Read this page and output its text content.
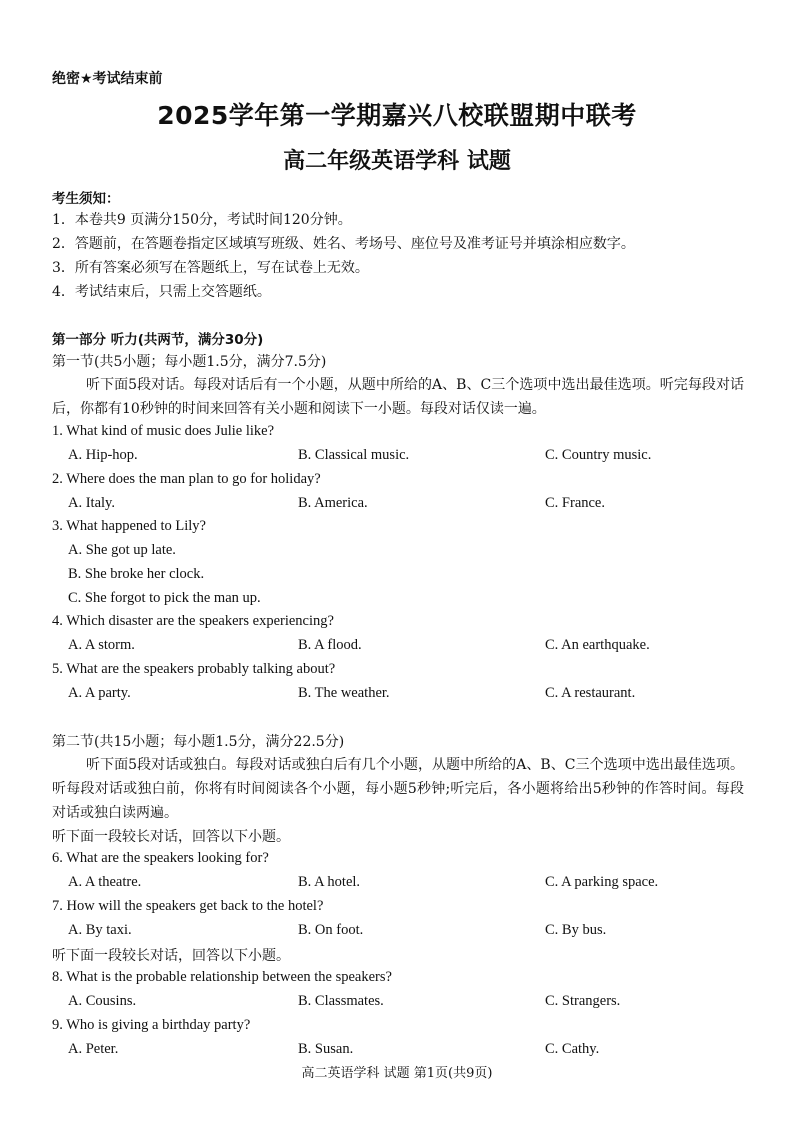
绝密★考试结束前
2025学年第一学期嘉兴八校联盟期中联考
高二年级英语学科 试题
考生须知：
1．本卷共9 页满分150分，考试时间120分钟。
2．答题前，在答题卷指定区域填写班级、姓名、考场号、座位号及准考证号并填涂相应数字。
3．所有答案必须写在答题纸上，写在试卷上无效。
4．考试结束后，只需上交答题纸。
第一部分 听力(共两节，满分30分)
第一节(共5小题；每小题1.5分，满分7.5分)
听下面5段对话。每段对话后有一个小题，从题中所给的A、B、C三个选项中选出最佳选项。听完每段对话后，你都有10秒钟的时间来回答有关小题和阅读下一小题。每段对话仅读一遍。
1. What kind of music does Julie like?
A. Hip-hop.	B. Classical music.	C. Country music.
2. Where does the man plan to go for holiday?
A. Italy.	B. America.	C. France.
3. What happened to Lily?
A. She got up late.
B. She broke her clock.
C. She forgot to pick the man up.
4. Which disaster are the speakers experiencing?
A. A storm.	B. A flood.	C. An earthquake.
5. What are the speakers probably talking about?
A. A party.	B. The weather.	C. A restaurant.
第二节(共15小题；每小题1.5分，满分22.5分)
听下面5段对话或独白。每段对话或独白后有几个小题，从题中所给的A、B、C三个选项中选出最佳选项。听每段对话或独白前，你将有时间阅读各个小题，每小题5秒钟;听完后，各小题将给出5秒钟的作答时间。每段对话或独白读两遍。
听下面一段较长对话，回答以下小题。
6. What are the speakers looking for?
A. A theatre.	B. A hotel.	C. A parking space.
7. How will the speakers get back to the hotel?
A. By taxi.	B. On foot.	C. By bus.
听下面一段较长对话，回答以下小题。
8. What is the probable relationship between the speakers?
A. Cousins.	B. Classmates.	C. Strangers.
9. Who is giving a birthday party?
A. Peter.	B. Susan.	C. Cathy.
高二英语学科 试题 第1页(共9页)
